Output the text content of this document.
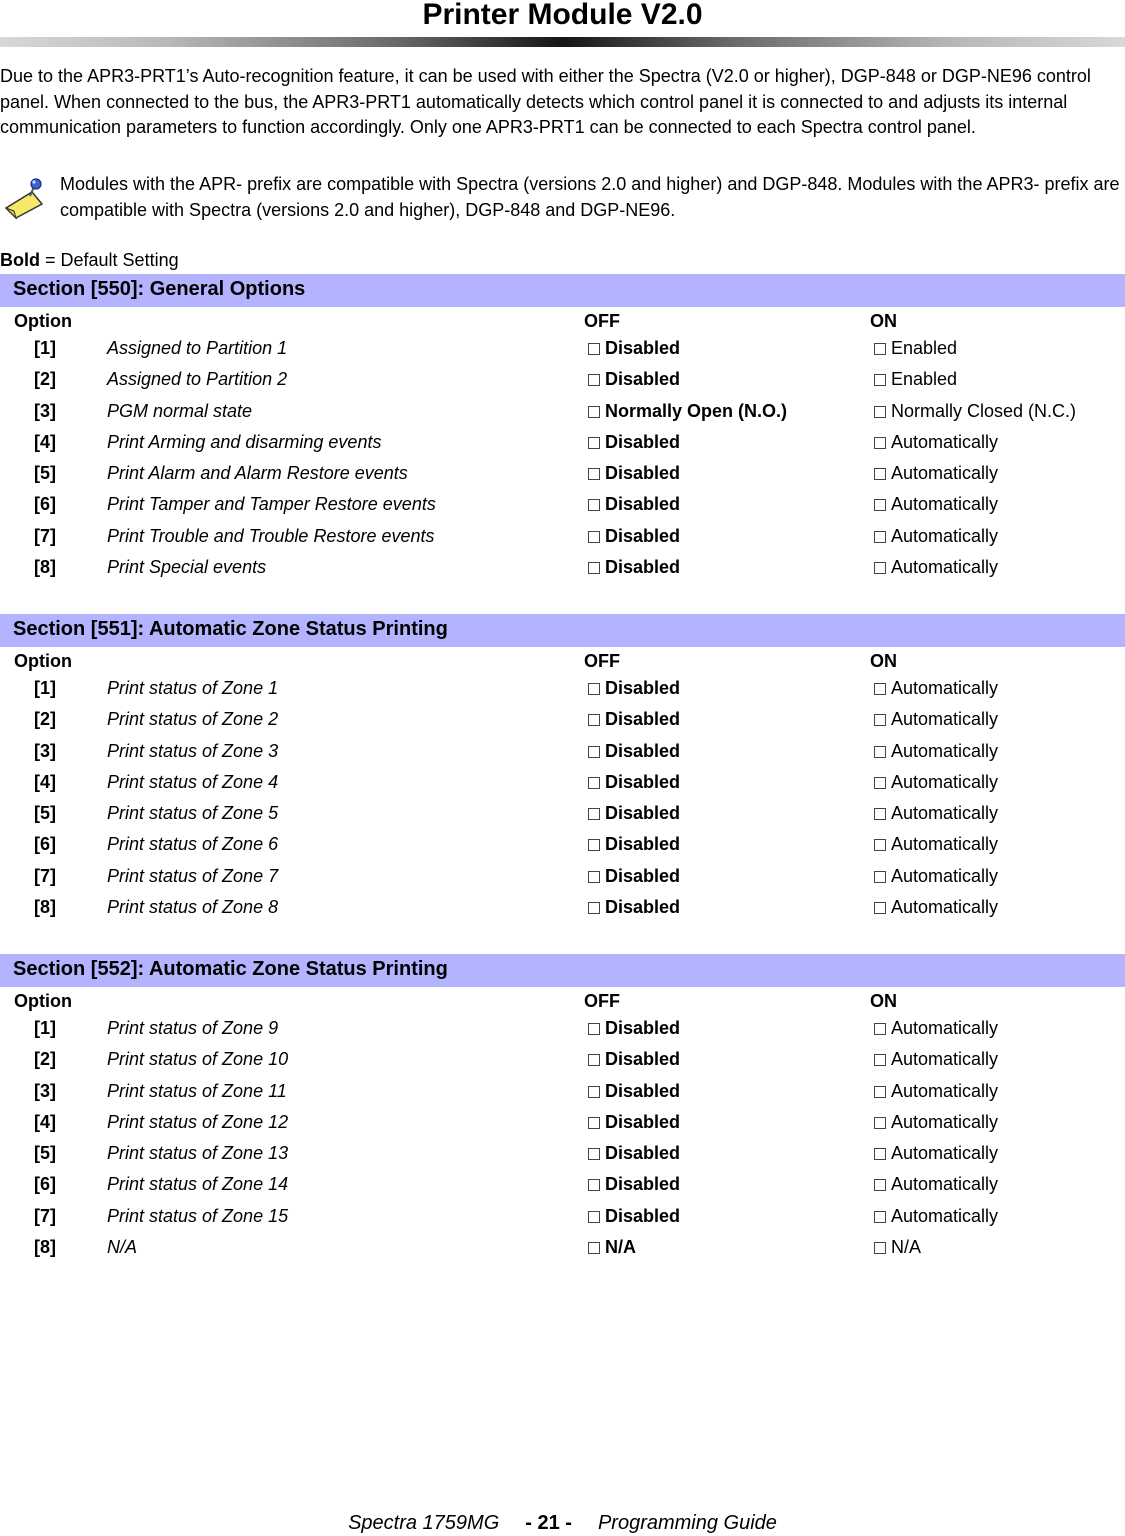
Printer Module V2.0

Due to the APR3-PRT1’s Auto-recognition feature, it can be used with either the Spectra (V2.0 or higher), DGP-848 or DGP-NE96 control panel. When connected to the bus, the APR3-PRT1 automatically detects which control panel it is connected to and adjusts its internal communication parameters to function accordingly. Only one APR3-PRT1 can be connected to each Spectra control panel.

Modules with the APR- prefix are compatible with Spectra (versions 2.0 and higher) and DGP-848. Modules with the APR3- prefix are compatible with Spectra (versions 2.0 and higher), DGP-848 and DGP-NE96.

Bold = Default Setting
Section [550]: General Options
Option	OFF	ON
[1]	Assigned to Partition 1	Disabled	Enabled
[2]	Assigned to Partition 2	Disabled	Enabled
[3]	PGM normal state	Normally Open (N.O.)	Normally Closed (N.C.)
[4]	Print Arming and disarming events	Disabled	Automatically
[5]	Print Alarm and Alarm Restore events	Disabled	Automatically
[6]	Print Tamper and Tamper Restore events	Disabled	Automatically
[7]	Print Trouble and Trouble Restore events	Disabled	Automatically
[8]	Print Special events	Disabled	Automatically
Section [551]: Automatic Zone Status Printing
Option	OFF	ON
[1]	Print status of Zone 1	Disabled	Automatically
[2]	Print status of Zone 2	Disabled	Automatically
[3]	Print status of Zone 3	Disabled	Automatically
[4]	Print status of Zone 4	Disabled	Automatically
[5]	Print status of Zone 5	Disabled	Automatically
[6]	Print status of Zone 6	Disabled	Automatically
[7]	Print status of Zone 7	Disabled	Automatically
[8]	Print status of Zone 8	Disabled	Automatically
Section [552]: Automatic Zone Status Printing
Option	OFF	ON
[1]	Print status of Zone 9	Disabled	Automatically
[2]	Print status of Zone 10	Disabled	Automatically
[3]	Print status of Zone 11	Disabled	Automatically
[4]	Print status of Zone 12	Disabled	Automatically
[5]	Print status of Zone 13	Disabled	Automatically
[6]	Print status of Zone 14	Disabled	Automatically
[7]	Print status of Zone 15	Disabled	Automatically
[8]	N/A	N/A	N/A
Spectra 1759MG - 21 - Programming Guide
